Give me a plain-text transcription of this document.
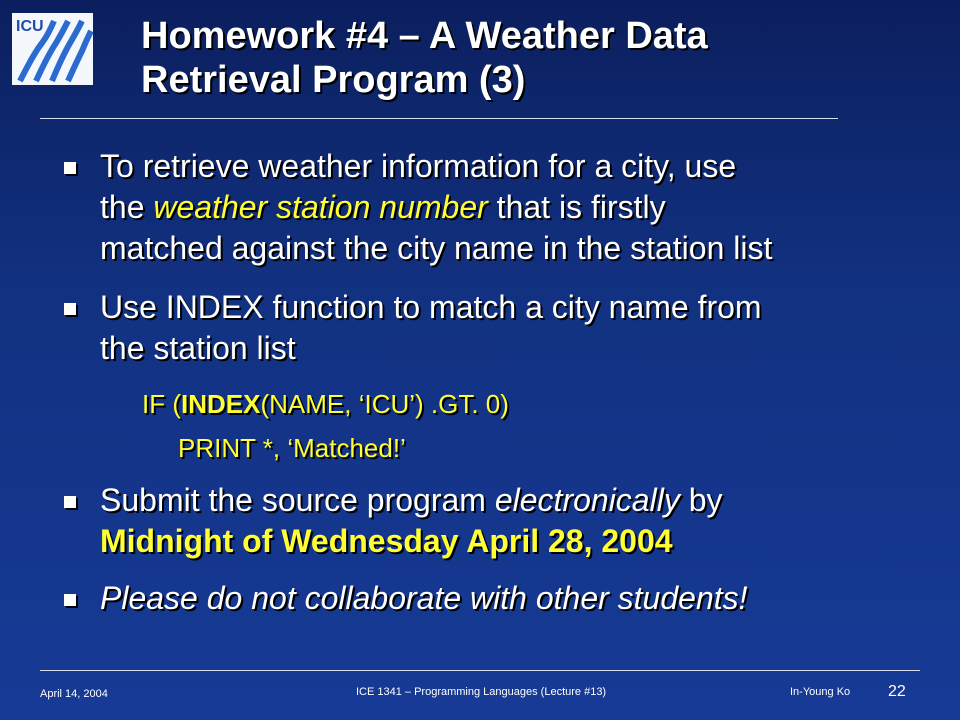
ICU	Homework #4 – A Weather Data
Retrieval Program (3)
To retrieve weather information for a city, use
the weather station number that is firstly
matched against the city name in the station list
Use INDEX function to match a city name from
the station list
IF (INDEX(NAME, ‘ICU’) .GT. 0)
PRINT *, ‘Matched!’
Submit the source program electronically by
Midnight of Wednesday April 28, 2004
Please do not collaborate with other students!
April 14, 2004	ICE 1341 – Programming Languages (Lecture #13)	In-Young Ko 22
